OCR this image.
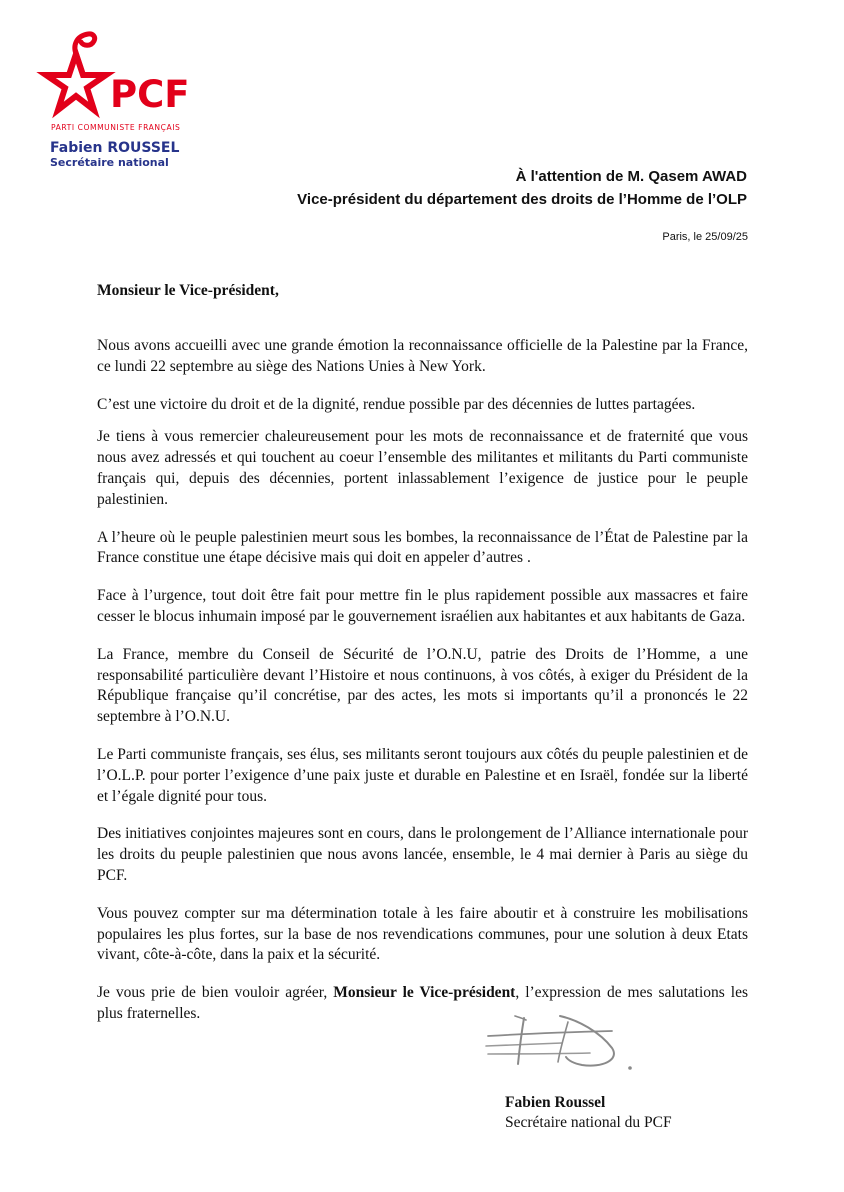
PCF
PARTI COMMUNISTE FRANÇAIS
Fabien ROUSSEL
Secrétaire national
À l'attention de M. Qasem AWAD
Vice-président du département des droits de l’Homme de l’OLP
Paris, le 25/09/25
Monsieur le Vice-président,

Nous avons accueilli avec une grande émotion la reconnaissance officielle de la Palestine par la France, ce lundi 22 septembre au siège des Nations Unies à New York.

C’est une victoire du droit et de la dignité, rendue possible par des décennies de luttes partagées.

Je tiens à vous remercier chaleureusement pour les mots de reconnaissance et de fraternité que vous nous avez adressés et qui touchent au coeur l’ensemble des militantes et militants du Parti communiste français qui, depuis des décennies, portent inlassablement l’exigence de justice pour le peuple palestinien.

A l’heure où le peuple palestinien meurt sous les bombes, la reconnaissance de l’État de Palestine par la France constitue une étape décisive mais qui doit en appeler d’autres .

Face à l’urgence, tout doit être fait pour mettre fin le plus rapidement possible aux massacres et faire cesser le blocus inhumain imposé par le gouvernement israélien aux habitantes et aux habitants de Gaza.

La France, membre du Conseil de Sécurité de l’O.N.U, patrie des Droits de l’Homme, a une responsabilité particulière devant l’Histoire et nous continuons, à vos côtés, à exiger du Président de la République française qu’il concrétise, par des actes, les mots si importants qu’il a prononcés le 22 septembre à l’O.N.U.

Le Parti communiste français, ses élus, ses militants seront toujours aux côtés du peuple palestinien et de l’O.L.P. pour porter l’exigence d’une paix juste et durable en Palestine et en Israël, fondée sur la liberté et l’égale dignité pour tous.

Des initiatives conjointes majeures sont en cours, dans le prolongement de l’Alliance internationale pour les droits du peuple palestinien que nous avons lancée, ensemble, le 4 mai dernier à Paris au siège du PCF.

Vous pouvez compter sur ma détermination totale à les faire aboutir et à construire les mobilisations populaires les plus fortes, sur la base de nos revendications communes, pour une solution à deux Etats vivant, côte-à-côte, dans la paix et la sécurité.

Je vous prie de bien vouloir agréer, Monsieur le Vice-président, l’expression de mes salutations les plus fraternelles.

Fabien Roussel
Secrétaire national du PCF
